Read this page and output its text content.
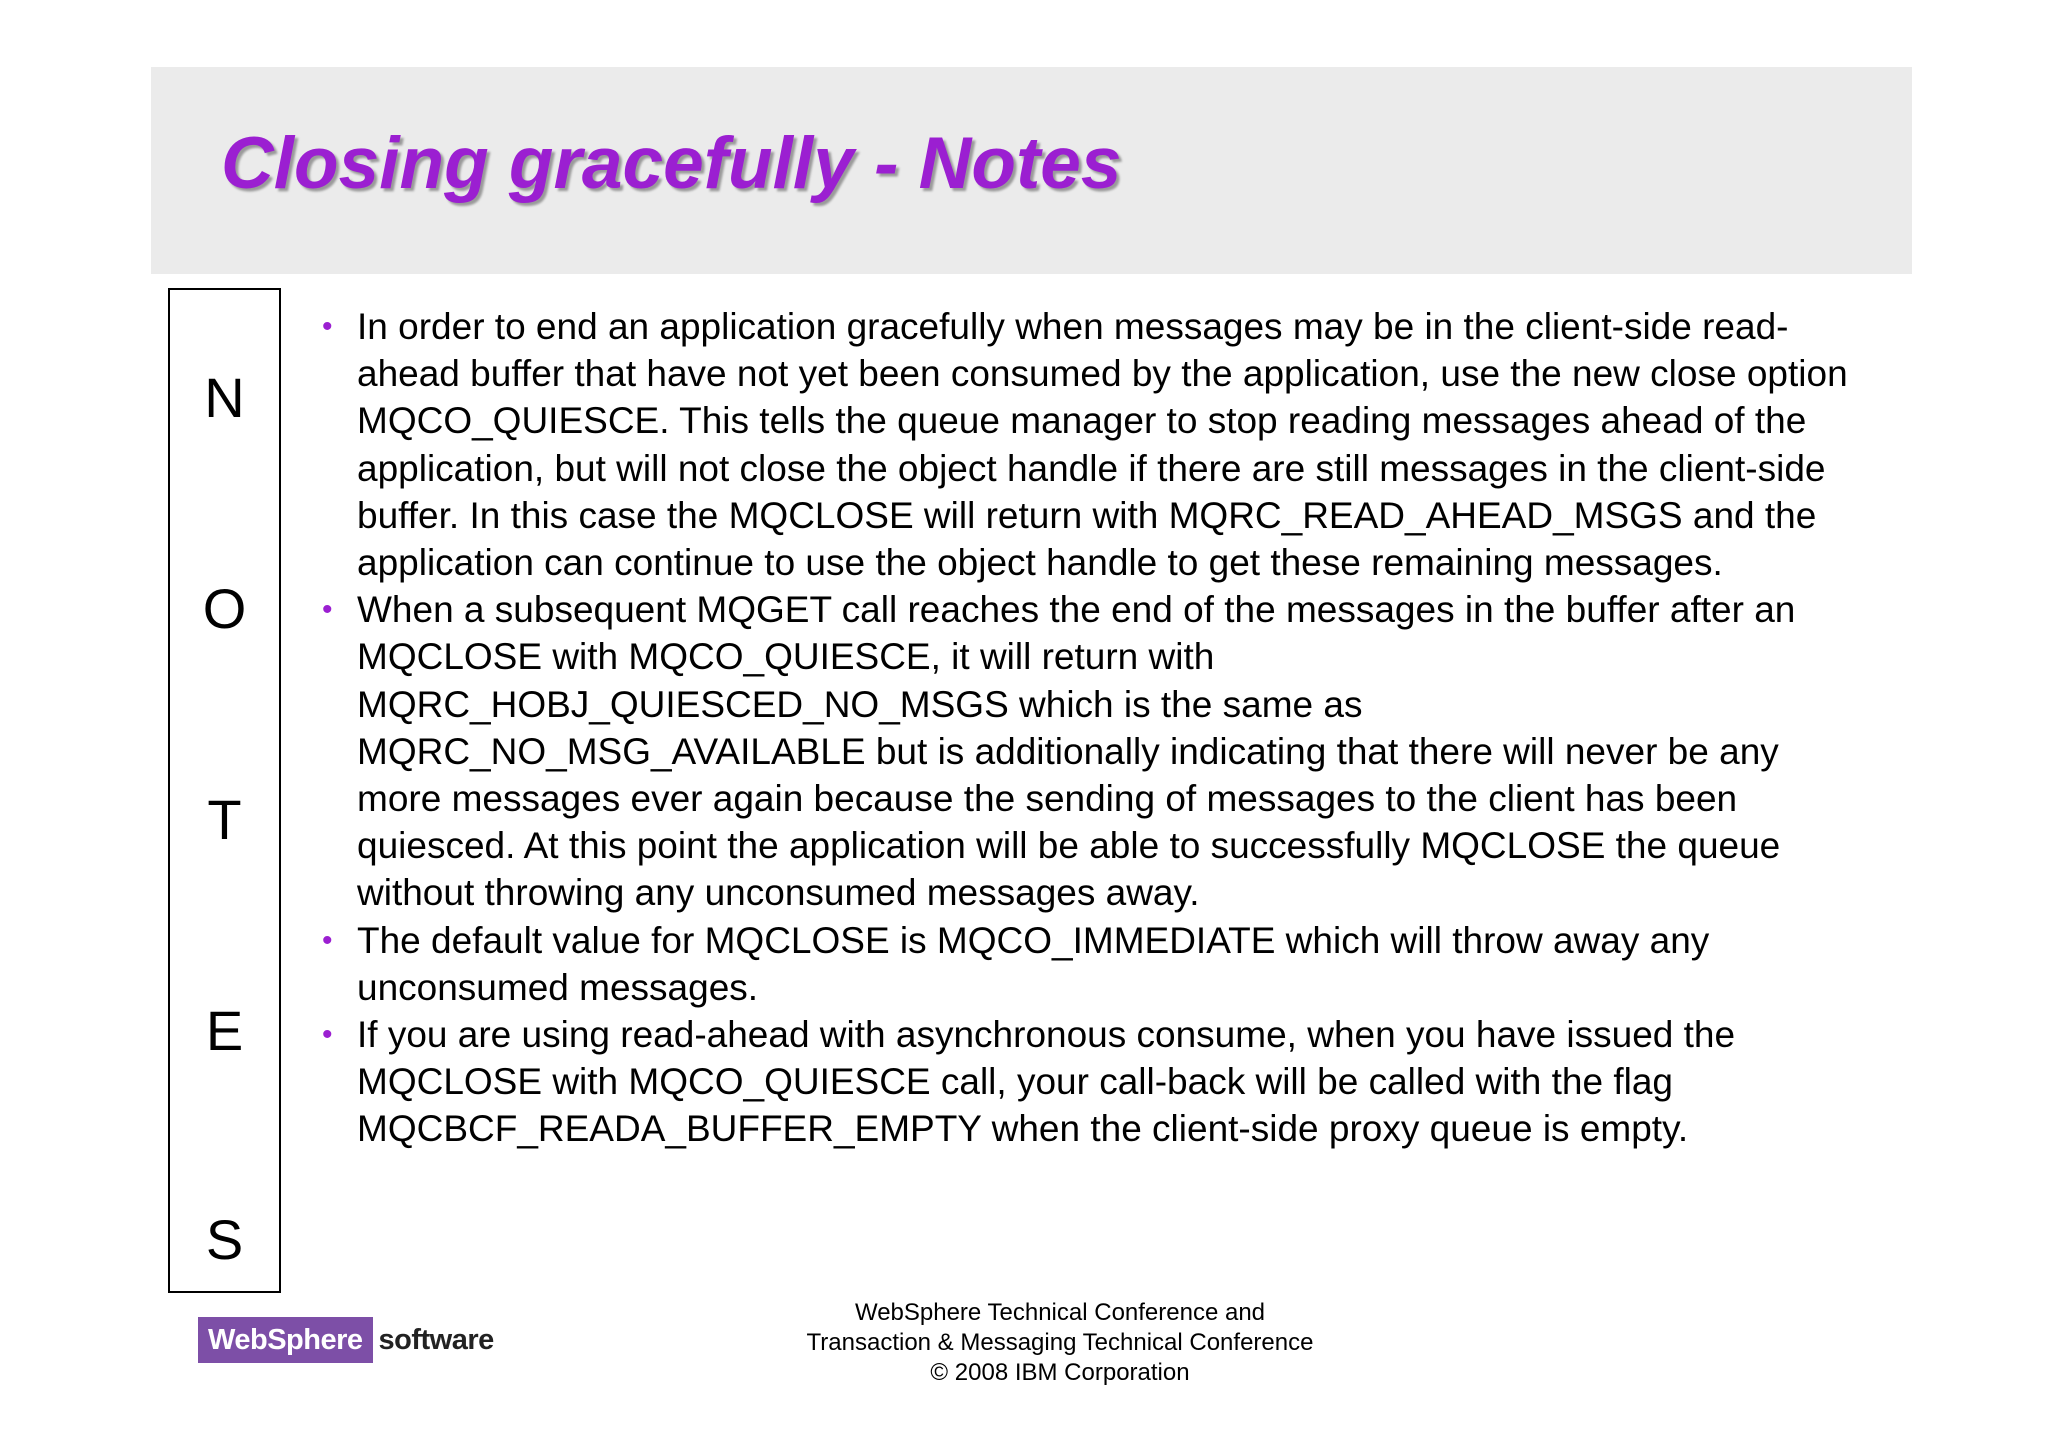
Closing gracefully - Notes
N
O
T
E
S
• In order to end an application gracefully when messages may be in the client-side read-ahead buffer that have not yet been consumed by the application, use the new close option MQCO_QUIESCE. This tells the queue manager to stop reading messages ahead of the application, but will not close the object handle if there are still messages in the client-side buffer. In this case the MQCLOSE will return with MQRC_READ_AHEAD_MSGS and the application can continue to use the object handle to get these remaining messages.
• When a subsequent MQGET call reaches the end of the messages in the buffer after an MQCLOSE with MQCO_QUIESCE, it will return with MQRC_HOBJ_QUIESCED_NO_MSGS which is the same as MQRC_NO_MSG_AVAILABLE but is additionally indicating that there will never be any more messages ever again because the sending of messages to the client has been quiesced. At this point the application will be able to successfully MQCLOSE the queue without throwing any unconsumed messages away.
• The default value for MQCLOSE is MQCO_IMMEDIATE which will throw away any unconsumed messages.
• If you are using read-ahead with asynchronous consume, when you have issued the MQCLOSE with MQCO_QUIESCE call, your call-back will be called with the flag MQCBCF_READA_BUFFER_EMPTY when the client-side proxy queue is empty.
WebSphere software
WebSphere Technical Conference and
Transaction & Messaging Technical Conference
© 2008 IBM Corporation
